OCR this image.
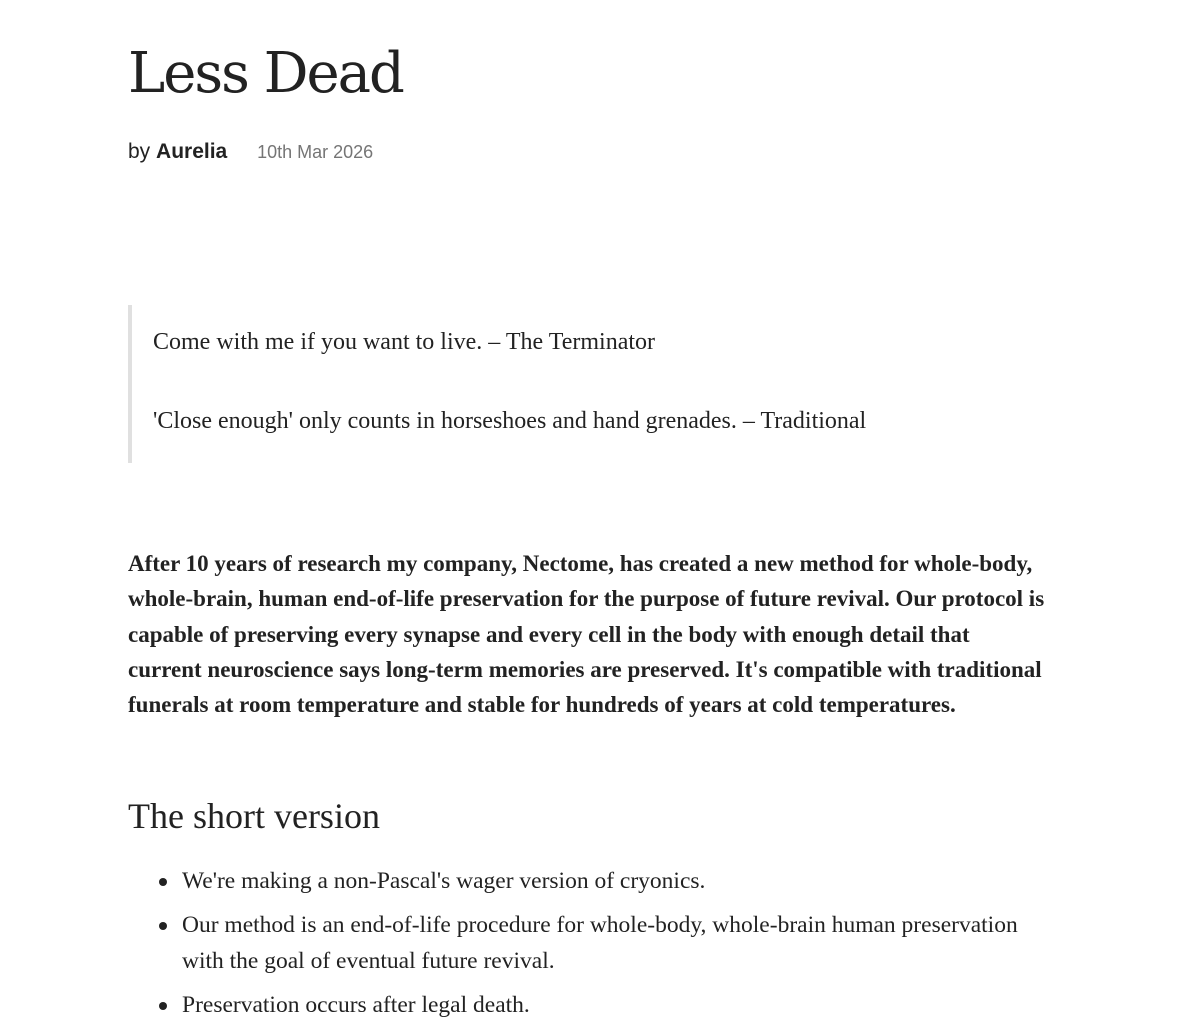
Less Dead
by Aurelia 10th Mar 2026

Come with me if you want to live. – The Terminator

'Close enough' only counts in horseshoes and hand grenades. – Traditional

After 10 years of research my company, Nectome, has created a new method for whole-body, whole-brain, human end-of-life preservation for the purpose of future revival. Our protocol is capable of preserving every synapse and every cell in the body with enough detail that current neuroscience says long-term memories are preserved. It's compatible with traditional funerals at room temperature and stable for hundreds of years at cold temperatures.

The short version
We're making a non-Pascal's wager version of cryonics.
Our method is an end-of-life procedure for whole-body, whole-brain human preservation with the goal of eventual future revival.
Preservation occurs after legal death.
